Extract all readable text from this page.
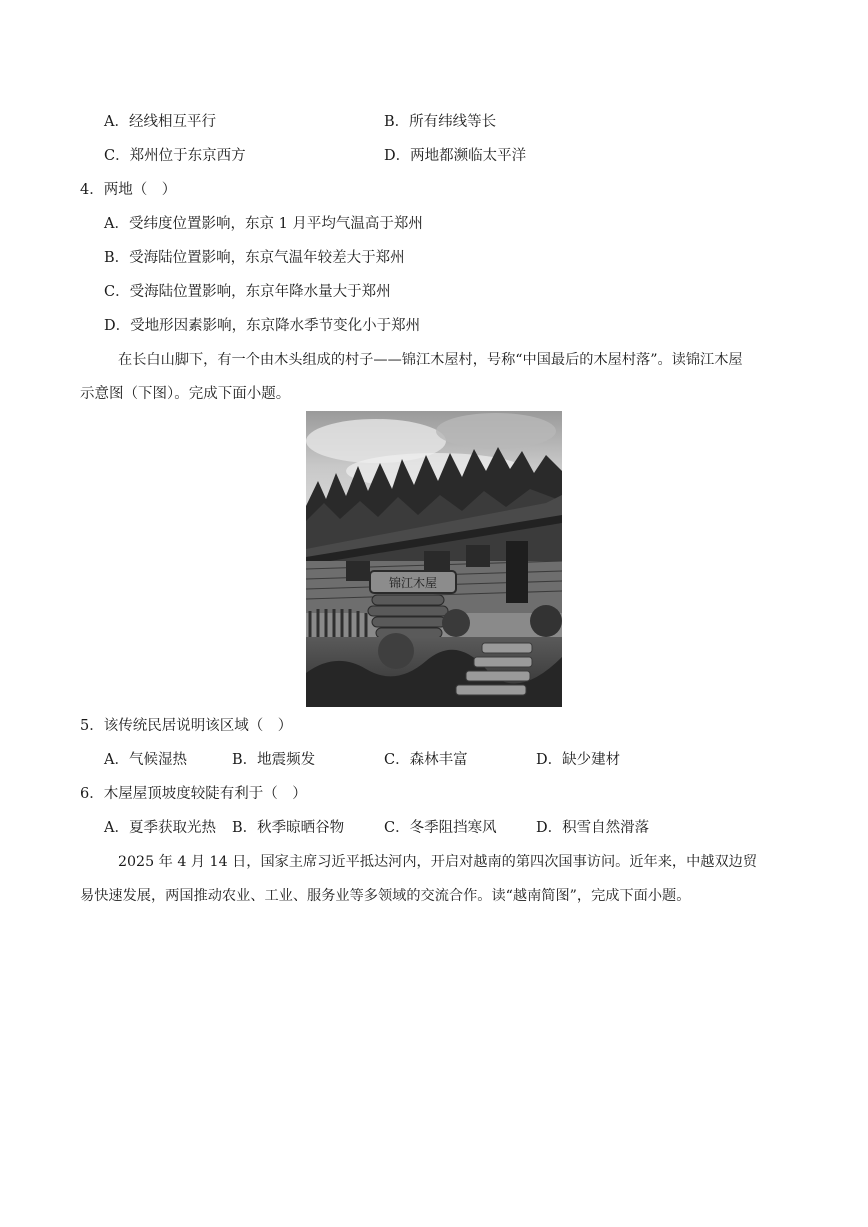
A．经线相互平行	B．所有纬线等长
C．郑州位于东京西方	D．两地都濒临太平洋
4．两地（　）
A．受纬度位置影响，东京 1 月平均气温高于郑州
B．受海陆位置影响，东京气温年较差大于郑州
C．受海陆位置影响，东京年降水量大于郑州
D．受地形因素影响，东京降水季节变化小于郑州
在长白山脚下，有一个由木头组成的村子——锦江木屋村，号称“中国最后的木屋村落”。读锦江木屋
示意图（下图）。完成下面小题。
锦江木屋
5．该传统民居说明该区域（　）
A．气候湿热	B．地震频发	C．森林丰富	D．缺少建材
6．木屋屋顶坡度较陡有利于（　）
A．夏季获取光热 B．秋季晾晒谷物	C．冬季阻挡寒风	D．积雪自然滑落
2025 年 4 月 14 日，国家主席习近平抵达河内，开启对越南的第四次国事访问。近年来，中越双边贸
易快速发展，两国推动农业、工业、服务业等多领域的交流合作。读“越南简图”，完成下面小题。
